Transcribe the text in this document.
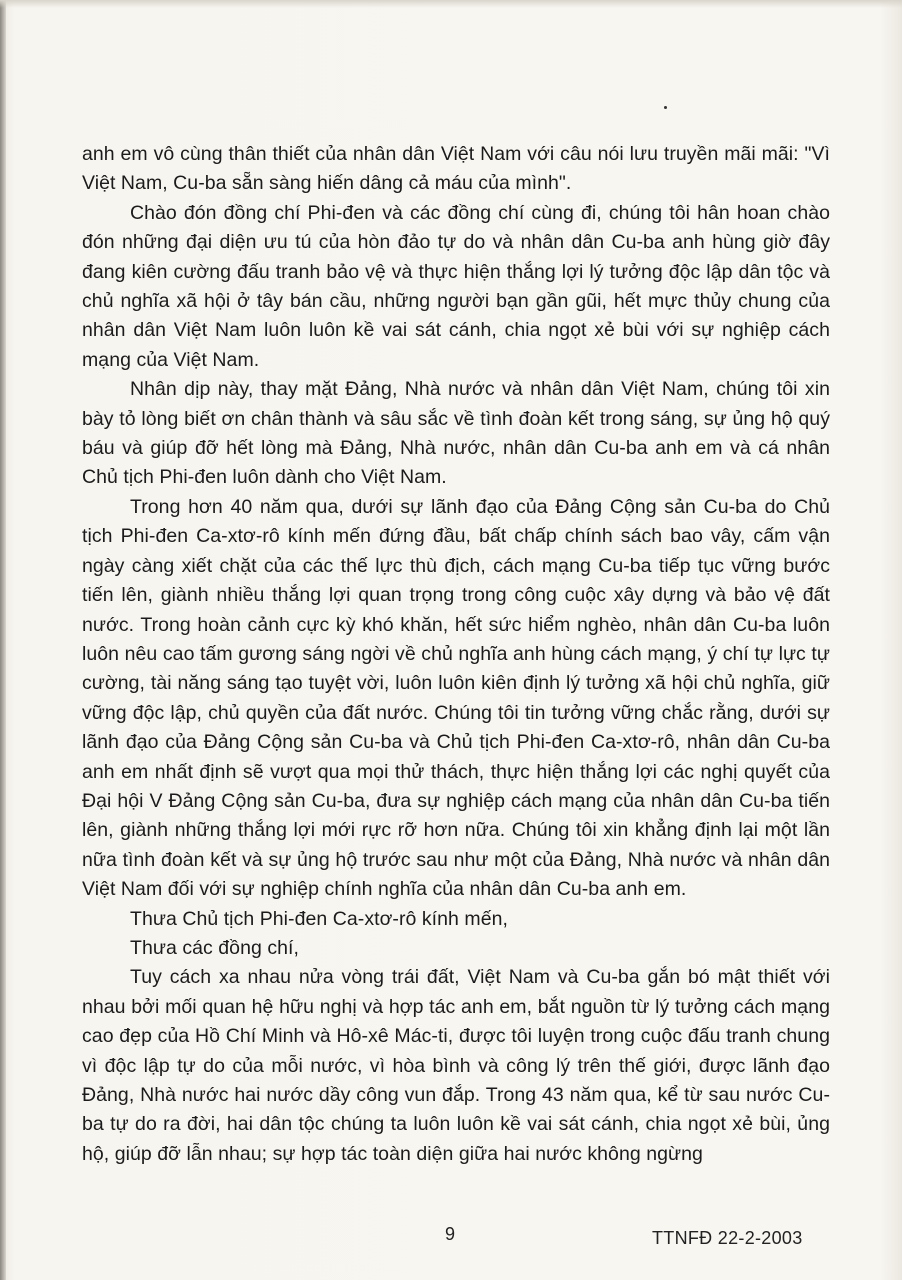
anh em vô cùng thân thiết của nhân dân Việt Nam với câu nói lưu truyền mãi mãi: "Vì Việt Nam, Cu-ba sẵn sàng hiến dâng cả máu của mình".

Chào đón đồng chí Phi-đen và các đồng chí cùng đi, chúng tôi hân hoan chào đón những đại diện ưu tú của hòn đảo tự do và nhân dân Cu-ba anh hùng giờ đây đang kiên cường đấu tranh bảo vệ và thực hiện thắng lợi lý tưởng độc lập dân tộc và chủ nghĩa xã hội ở tây bán cầu, những người bạn gần gũi, hết mực thủy chung của nhân dân Việt Nam luôn luôn kề vai sát cánh, chia ngọt xẻ bùi với sự nghiệp cách mạng của Việt Nam.

Nhân dịp này, thay mặt Đảng, Nhà nước và nhân dân Việt Nam, chúng tôi xin bày tỏ lòng biết ơn chân thành và sâu sắc về tình đoàn kết trong sáng, sự ủng hộ quý báu và giúp đỡ hết lòng mà Đảng, Nhà nước, nhân dân Cu-ba anh em và cá nhân Chủ tịch Phi-đen luôn dành cho Việt Nam.

Trong hơn 40 năm qua, dưới sự lãnh đạo của Đảng Cộng sản Cu-ba do Chủ tịch Phi-đen Ca-xtơ-rô kính mến đứng đầu, bất chấp chính sách bao vây, cấm vận ngày càng xiết chặt của các thế lực thù địch, cách mạng Cu-ba tiếp tục vững bước tiến lên, giành nhiều thắng lợi quan trọng trong công cuộc xây dựng và bảo vệ đất nước. Trong hoàn cảnh cực kỳ khó khăn, hết sức hiểm nghèo, nhân dân Cu-ba luôn luôn nêu cao tấm gương sáng ngời về chủ nghĩa anh hùng cách mạng, ý chí tự lực tự cường, tài năng sáng tạo tuyệt vời, luôn luôn kiên định lý tưởng xã hội chủ nghĩa, giữ vững độc lập, chủ quyền của đất nước. Chúng tôi tin tưởng vững chắc rằng, dưới sự lãnh đạo của Đảng Cộng sản Cu-ba và Chủ tịch Phi-đen Ca-xtơ-rô, nhân dân Cu-ba anh em nhất định sẽ vượt qua mọi thử thách, thực hiện thắng lợi các nghị quyết của Đại hội V Đảng Cộng sản Cu-ba, đưa sự nghiệp cách mạng của nhân dân Cu-ba tiến lên, giành những thắng lợi mới rực rỡ hơn nữa. Chúng tôi xin khẳng định lại một lần nữa tình đoàn kết và sự ủng hộ trước sau như một của Đảng, Nhà nước và nhân dân Việt Nam đối với sự nghiệp chính nghĩa của nhân dân Cu-ba anh em.

Thưa Chủ tịch Phi-đen Ca-xtơ-rô kính mến,

Thưa các đồng chí,

Tuy cách xa nhau nửa vòng trái đất, Việt Nam và Cu-ba gắn bó mật thiết với nhau bởi mối quan hệ hữu nghị và hợp tác anh em, bắt nguồn từ lý tưởng cách mạng cao đẹp của Hồ Chí Minh và Hô-xê Mác-ti, được tôi luyện trong cuộc đấu tranh chung vì độc lập tự do của mỗi nước, vì hòa bình và công lý trên thế giới, được lãnh đạo Đảng, Nhà nước hai nước dầy công vun đắp. Trong 43 năm qua, kể từ sau nước Cu-ba tự do ra đời, hai dân tộc chúng ta luôn luôn kề vai sát cánh, chia ngọt xẻ bùi, ủng hộ, giúp đỡ lẫn nhau; sự hợp tác toàn diện giữa hai nước không ngừng

9	TTNFĐ 22-2-2003
